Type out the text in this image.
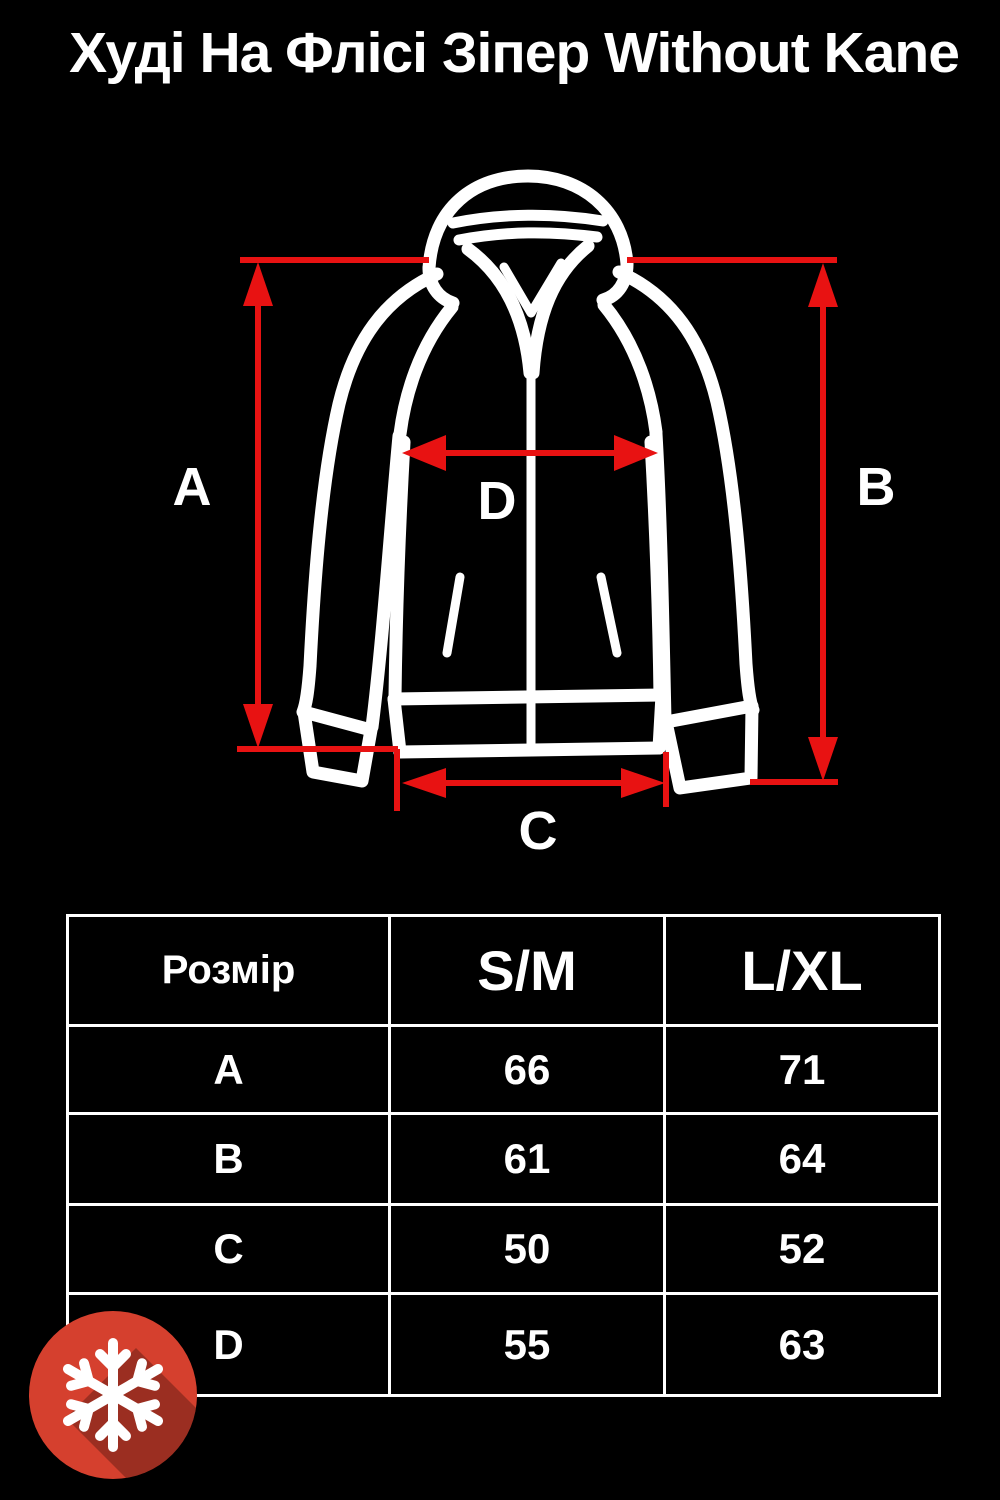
Худі На Флісі Зіпер Without Kane
A	B
D
C
Розмір	S/M	L/XL
A	66	71
B	61	64
C	50	52
D	55	63
